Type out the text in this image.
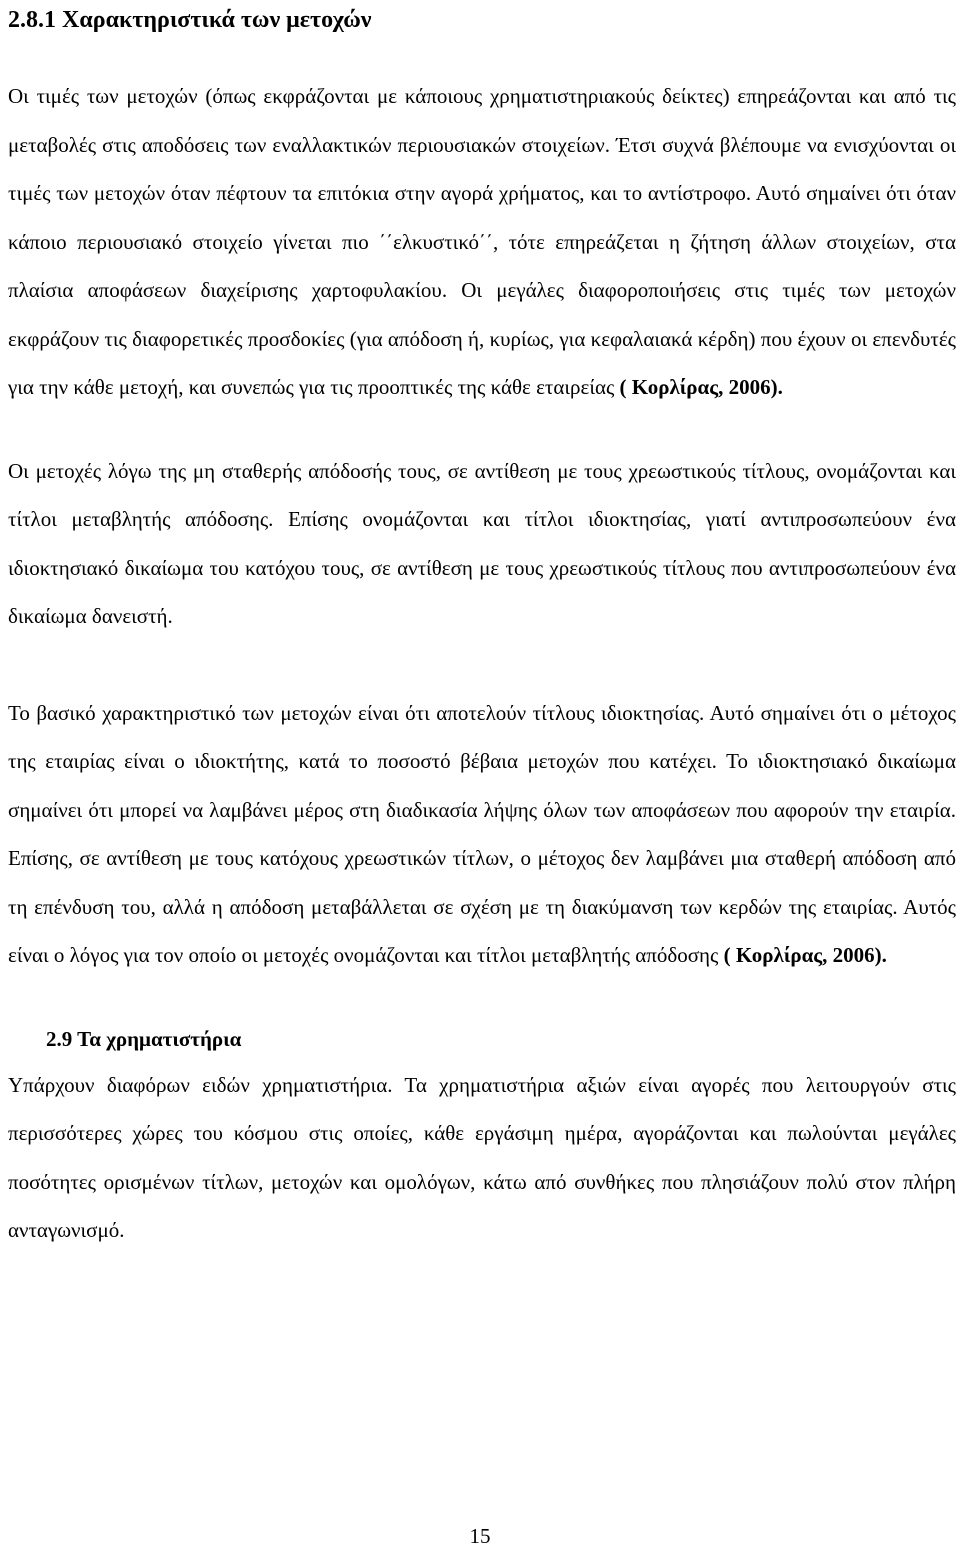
2.8.1 Χαρακτηριστικά των μετοχών

Οι τιμές των μετοχών (όπως εκφράζονται με κάποιους χρηματιστηριακούς δείκτες) επηρεάζονται και από τις μεταβολές στις αποδόσεις των εναλλακτικών περιουσιακών στοιχείων. Έτσι συχνά βλέπουμε να ενισχύονται οι τιμές των μετοχών όταν πέφτουν τα επιτόκια στην αγορά χρήματος, και το αντίστροφο. Αυτό σημαίνει ότι όταν κάποιο περιουσιακό στοιχείο γίνεται πιο ΄΄ελκυστικό΄΄, τότε επηρεάζεται η ζήτηση άλλων στοιχείων, στα πλαίσια αποφάσεων διαχείρισης χαρτοφυλακίου. Οι μεγάλες διαφοροποιήσεις στις τιμές των μετοχών εκφράζουν τις διαφορετικές προσδοκίες (για απόδοση ή, κυρίως, για κεφαλαιακά κέρδη) που έχουν οι επενδυτές για την κάθε μετοχή, και συνεπώς για τις προοπτικές της κάθε εταιρείας ( Κορλίρας, 2006).

Οι μετοχές λόγω της μη σταθερής απόδοσής τους, σε αντίθεση με τους χρεωστικούς τίτλους, ονομάζονται και τίτλοι μεταβλητής απόδοσης. Επίσης ονομάζονται και τίτλοι ιδιοκτησίας, γιατί αντιπροσωπεύουν ένα ιδιοκτησιακό δικαίωμα του κατόχου τους, σε αντίθεση με τους χρεωστικούς τίτλους που αντιπροσωπεύουν ένα δικαίωμα δανειστή.

Το βασικό χαρακτηριστικό των μετοχών είναι ότι αποτελούν τίτλους ιδιοκτησίας. Αυτό σημαίνει ότι ο μέτοχος της εταιρίας είναι ο ιδιοκτήτης, κατά το ποσοστό βέβαια μετοχών που κατέχει. Το ιδιοκτησιακό δικαίωμα σημαίνει ότι μπορεί να λαμβάνει μέρος στη διαδικασία λήψης όλων των αποφάσεων που αφορούν την εταιρία. Επίσης, σε αντίθεση με τους κατόχους χρεωστικών τίτλων, ο μέτοχος δεν λαμβάνει μια σταθερή απόδοση από τη επένδυση του, αλλά η απόδοση μεταβάλλεται σε σχέση με τη διακύμανση των κερδών της εταιρίας. Αυτός είναι ο λόγος για τον οποίο οι μετοχές ονομάζονται και τίτλοι μεταβλητής απόδοσης ( Κορλίρας, 2006).

2.9 Τα χρηματιστήρια

Υπάρχουν διαφόρων ειδών χρηματιστήρια. Τα χρηματιστήρια αξιών είναι αγορές που λειτουργούν στις περισσότερες χώρες του κόσμου στις οποίες, κάθε εργάσιμη ημέρα, αγοράζονται και πωλούνται μεγάλες ποσότητες ορισμένων τίτλων, μετοχών και ομολόγων, κάτω από συνθήκες που πλησιάζουν πολύ στον πλήρη ανταγωνισμό.

15
